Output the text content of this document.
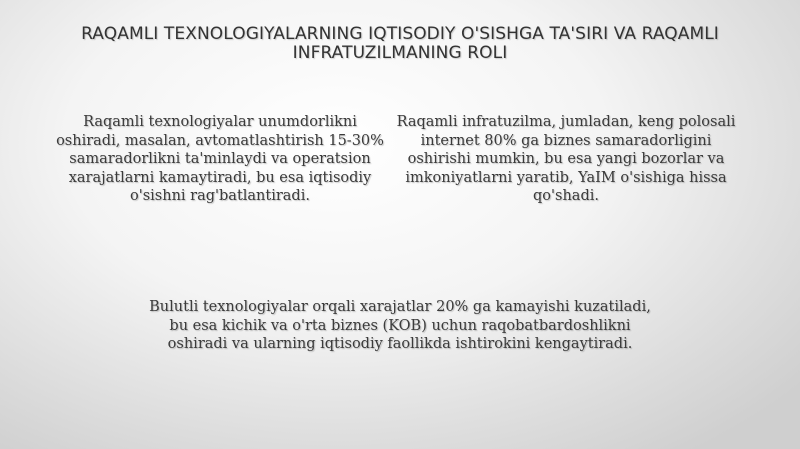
RAQAMLI TEXNOLOGIYALARNING IQTISODIY O'SISHGA TA'SIRI VA RAQAMLI INFRATUZILMANING ROLI

Raqamli texnologiyalar unumdorlikni oshiradi, masalan, avtomatlashtirish 15-30% samaradorlikni ta'minlaydi va operatsion xarajatlarni kamaytiradi, bu esa iqtisodiy o'sishni rag'batlantiradi.

Raqamli infratuzilma, jumladan, keng polosali internet 80% ga biznes samaradorligini oshirishi mumkin, bu esa yangi bozorlar va imkoniyatlarni yaratib, YaIM o'sishiga hissa qo'shadi.

Bulutli texnologiyalar orqali xarajatlar 20% ga kamayishi kuzatiladi, bu esa kichik va o'rta biznes (KOB) uchun raqobatbardoshlikni oshiradi va ularning iqtisodiy faollikda ishtirokini kengaytiradi.
